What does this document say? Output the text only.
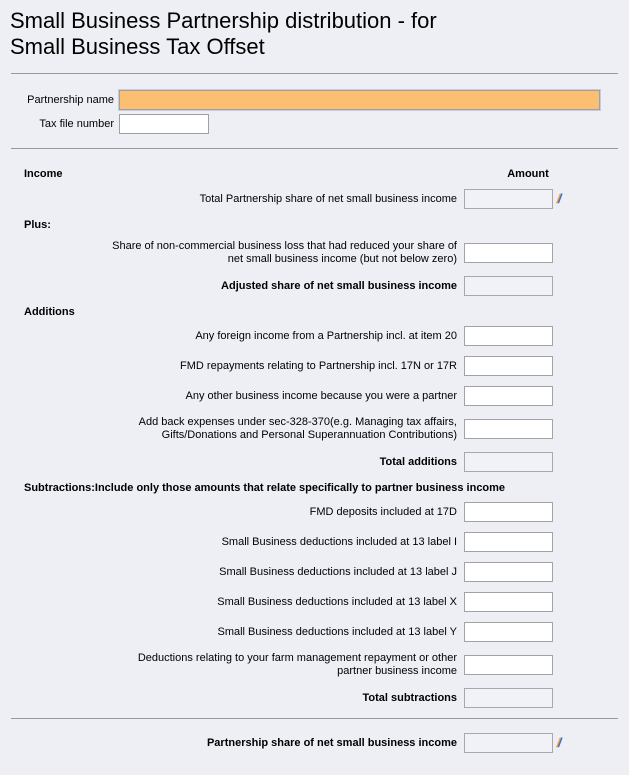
Small Business Partnership distribution - for Small Business Tax Offset
Partnership name
Tax file number
Income	Amount
Total Partnership share of net small business income	/
Plus:
Share of non-commercial business loss that had reduced your share of net small business income (but not below zero)
Adjusted share of net small business income
Additions
Any foreign income from a Partnership incl. at item 20
FMD repayments relating to Partnership incl. 17N or 17R
Any other business income because you were a partner
Add back expenses under sec-328-370(e.g. Managing tax affairs, Gifts/Donations and Personal Superannuation Contributions)
Total additions
Subtractions:Include only those amounts that relate specifically to partner business income
FMD deposits included at 17D
Small Business deductions included at 13 label I
Small Business deductions included at 13 label J
Small Business deductions included at 13 label X
Small Business deductions included at 13 label Y
Deductions relating to your farm management repayment or other partner business income
Total subtractions
Partnership share of net small business income	/
